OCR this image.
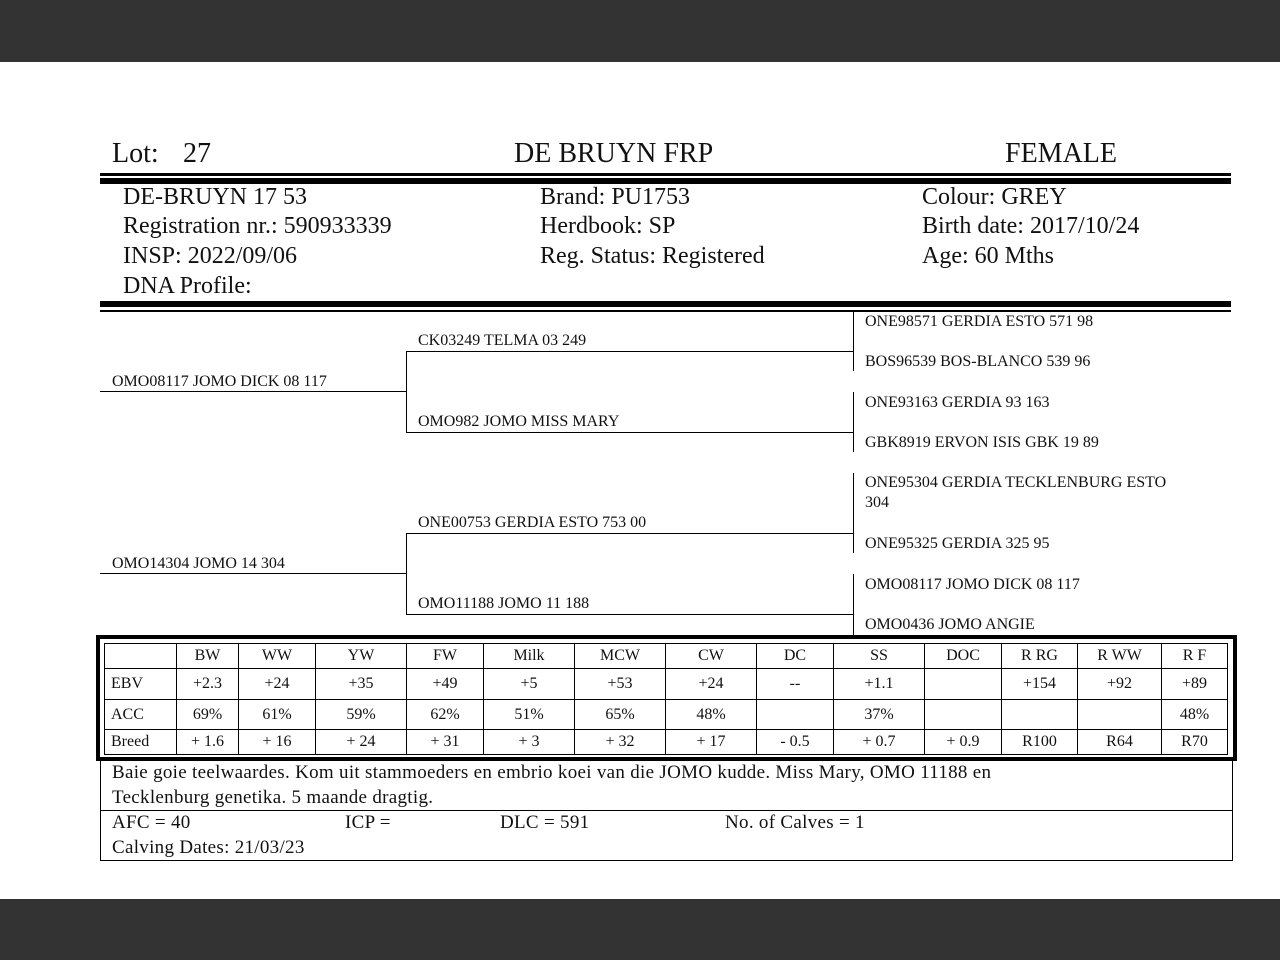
Lot: 27	DE BRUYN FRP	FEMALE
DE-BRUYN 17 53
Registration nr.: 590933339
INSP: 2022/09/06
DNA Profile:
Brand: PU1753
Herdbook: SP
Reg. Status: Registered
Colour: GREY
Birth date: 2017/10/24
Age: 60 Mths
OMO08117 JOMO DICK 08 117
OMO14304 JOMO 14 304
CK03249 TELMA 03 249
OMO982 JOMO MISS MARY
ONE00753 GERDIA ESTO 753 00
OMO11188 JOMO 11 188
ONE98571 GERDIA ESTO 571 98
BOS96539 BOS-BLANCO 539 96
ONE93163 GERDIA 93 163
GBK8919 ERVON ISIS GBK 19 89
ONE95304 GERDIA TECKLENBURG ESTO
304
ONE95325 GERDIA 325 95
OMO08117 JOMO DICK 08 117
OMO0436 JOMO ANGIE
	BW	WW	YW	FW	Milk	MCW	CW	DC	SS	DOC	R RG	R WW	R F
EBV	+2.3	+24	+35	+49	+5	+53	+24	--	+1.1		+154	+92	+89
ACC	69%	61%	59%	62%	51%	65%	48%		37%				48%
Breed	+ 1.6	+ 16	+ 24	+ 31	+ 3	+ 32	+ 17	- 0.5	+ 0.7	+ 0.9	R100	R64	R70
Baie goie teelwaardes. Kom uit stammoeders en embrio koei van die JOMO kudde. Miss Mary, OMO 11188 en
Tecklenburg genetika. 5 maande dragtig.
AFC = 40	ICP =	DLC = 591	No. of Calves = 1
Calving Dates: 21/03/23
